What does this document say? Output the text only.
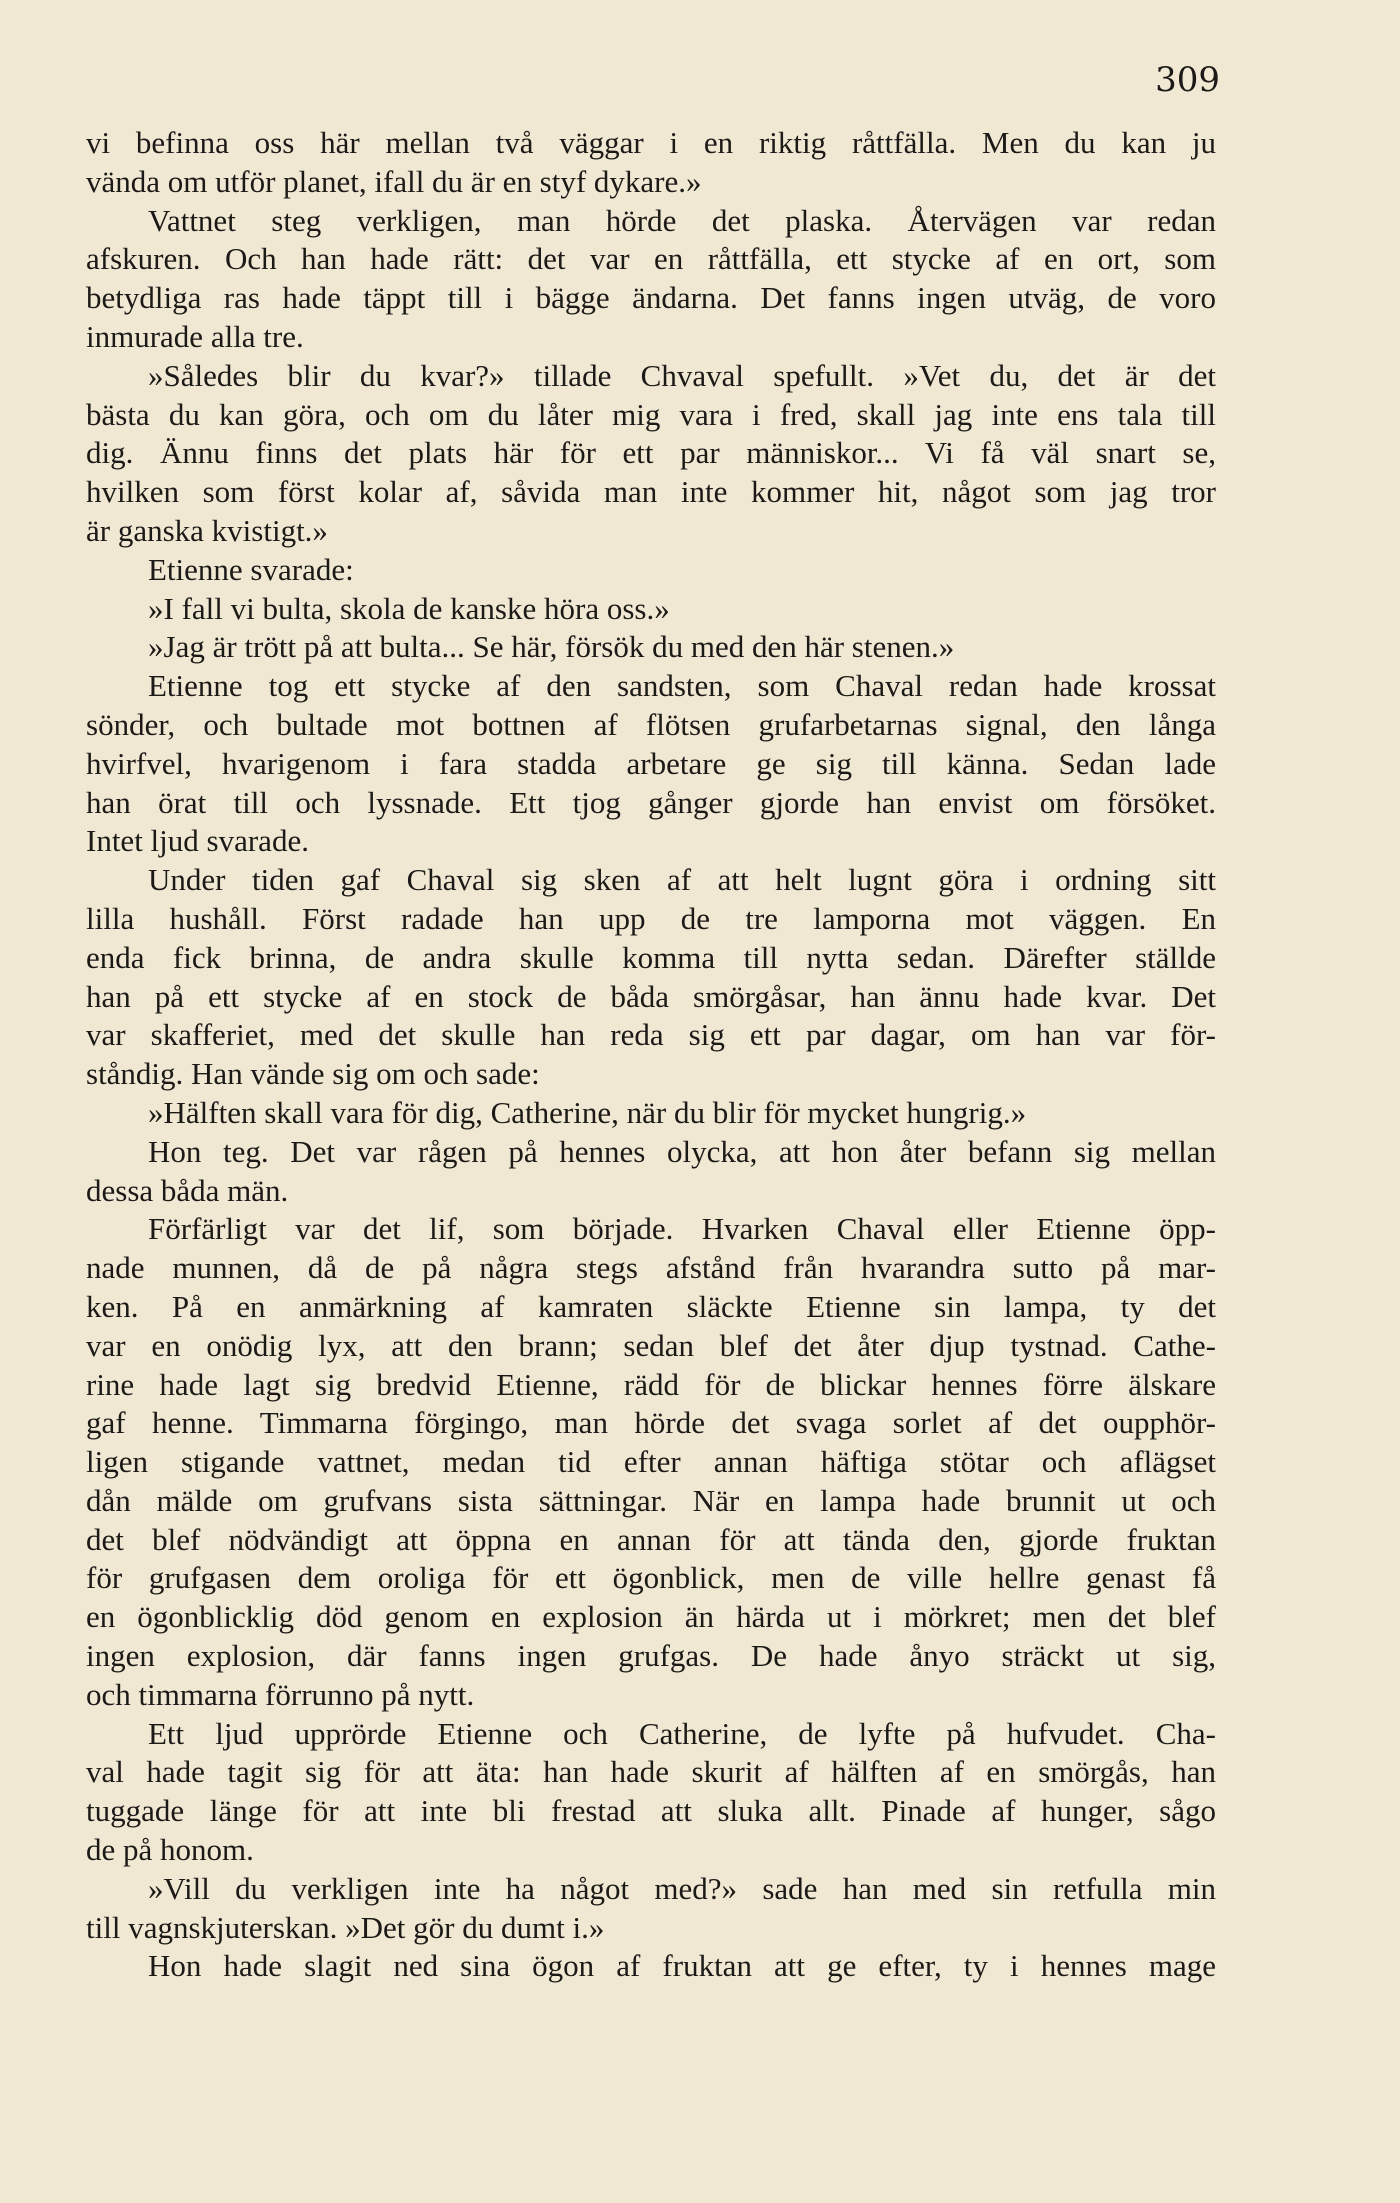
309

vi befinna oss här mellan två väggar i en riktig råttfälla. Men du kan ju
vända om utför planet, ifall du är en styf dykare.»
Vattnet steg verkligen, man hörde det plaska. Återvägen var redan
afskuren. Och han hade rätt: det var en råttfälla, ett stycke af en ort, som
betydliga ras hade täppt till i bägge ändarna. Det fanns ingen utväg, de voro
inmurade alla tre.
»Således blir du kvar?» tillade Chvaval spefullt. »Vet du, det är det
bästa du kan göra, och om du låter mig vara i fred, skall jag inte ens tala till
dig. Ännu finns det plats här för ett par människor... Vi få väl snart se,
hvilken som först kolar af, såvida man inte kommer hit, något som jag tror
är ganska kvistigt.»
Etienne svarade:
»I fall vi bulta, skola de kanske höra oss.»
»Jag är trött på att bulta... Se här, försök du med den här stenen.»
Etienne tog ett stycke af den sandsten, som Chaval redan hade krossat
sönder, och bultade mot bottnen af flötsen grufarbetarnas signal, den långa
hvirfvel, hvarigenom i fara stadda arbetare ge sig till känna. Sedan lade
han örat till och lyssnade. Ett tjog gånger gjorde han envist om försöket.
Intet ljud svarade.
Under tiden gaf Chaval sig sken af att helt lugnt göra i ordning sitt
lilla hushåll. Först radade han upp de tre lamporna mot väggen. En
enda fick brinna, de andra skulle komma till nytta sedan. Därefter ställde
han på ett stycke af en stock de båda smörgåsar, han ännu hade kvar. Det
var skafferiet, med det skulle han reda sig ett par dagar, om han var för-
ståndig. Han vände sig om och sade:
»Hälften skall vara för dig, Catherine, när du blir för mycket hungrig.»
Hon teg. Det var rågen på hennes olycka, att hon åter befann sig mellan
dessa båda män.
Förfärligt var det lif, som började. Hvarken Chaval eller Etienne öpp-
nade munnen, då de på några stegs afstånd från hvarandra sutto på mar-
ken. På en anmärkning af kamraten släckte Etienne sin lampa, ty det
var en onödig lyx, att den brann; sedan blef det åter djup tystnad. Cathe-
rine hade lagt sig bredvid Etienne, rädd för de blickar hennes förre älskare
gaf henne. Timmarna förgingo, man hörde det svaga sorlet af det oupphör-
ligen stigande vattnet, medan tid efter annan häftiga stötar och aflägset
dån mälde om grufvans sista sättningar. När en lampa hade brunnit ut och
det blef nödvändigt att öppna en annan för att tända den, gjorde fruktan
för grufgasen dem oroliga för ett ögonblick, men de ville hellre genast få
en ögonblicklig död genom en explosion än härda ut i mörkret; men det blef
ingen explosion, där fanns ingen grufgas. De hade ånyo sträckt ut sig,
och timmarna förrunno på nytt.
Ett ljud upprörde Etienne och Catherine, de lyfte på hufvudet. Cha-
val hade tagit sig för att äta: han hade skurit af hälften af en smörgås, han
tuggade länge för att inte bli frestad att sluka allt. Pinade af hunger, sågo
de på honom.
»Vill du verkligen inte ha något med?» sade han med sin retfulla min
till vagnskjuterskan. »Det gör du dumt i.»
Hon hade slagit ned sina ögon af fruktan att ge efter, ty i hennes mage
